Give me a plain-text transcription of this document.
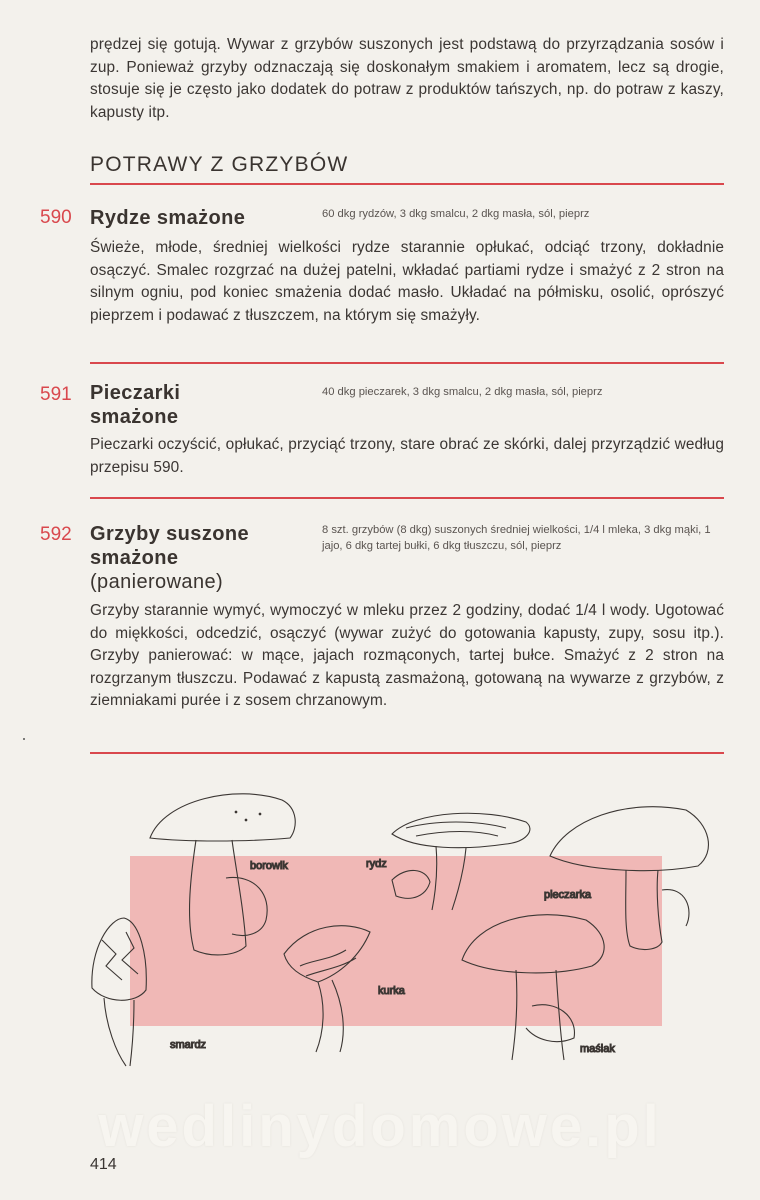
prędzej się gotują. Wywar z grzybów suszonych jest podstawą do przyrządzania sosów i zup. Ponieważ grzyby odznaczają się doskonałym smakiem i aromatem, lecz są drogie, stosuje się je często jako dodatek do potraw z produktów tańszych, np. do potraw z kaszy, kapusty itp.
POTRAWY Z GRZYBÓW
590 Rydze smażone	60 dkg rydzów, 3 dkg smalcu, 2 dkg masła, sól, pieprz
Świeże, młode, średniej wielkości rydze starannie opłukać, odciąć trzony, dokładnie osączyć. Smalec rozgrzać na dużej patelni, wkładać partiami rydze i smażyć z 2 stron na silnym ogniu, pod koniec smażenia dodać masło. Układać na półmisku, osolić, oprószyć pieprzem i podawać z tłuszczem, na którym się smażyły.
591 Pieczarki
smażone
40 dkg pieczarek, 3 dkg smalcu, 2 dkg masła, sól, pieprz
Pieczarki oczyścić, opłukać, przyciąć trzony, stare obrać ze skórki, dalej przyrządzić według przepisu 590.
592 Grzyby suszone
smażone
(panierowane)
8 szt. grzybów (8 dkg) suszonych średniej wielkości, 1/4 l mleka, 3 dkg mąki, 1 jajo, 6 dkg tartej bułki, 6 dkg tłuszczu, sól, pieprz
Grzyby starannie wymyć, wymoczyć w mleku przez 2 godziny, dodać 1/4 l wody. Ugotować do miękkości, odcedzić, osączyć (wywar zużyć do gotowania kapusty, zupy, sosu itp.). Grzyby panierować: w mące, jajach rozmąconych, tartej bułce. Smażyć z 2 stron na rozgrzanym tłuszczu. Podawać z kapustą zasmażoną, gotowaną na wywarze z grzybów, z ziemniakami purée i z sosem chrzanowym.
borowik	rydz
pieczarka
kurka
smardz	maślak
wedlinydomowe.pl
414
